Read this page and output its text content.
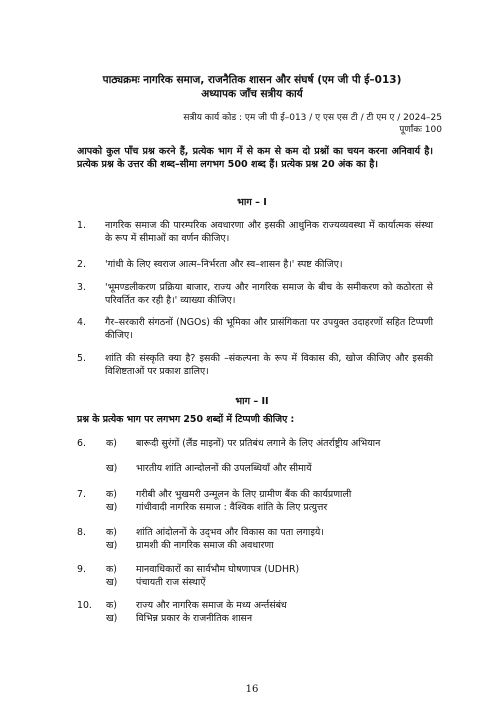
पाठ्यक्रमः नागरिक समाज, राजनैतिक शासन और संघर्ष (एम जी पी ई–013)
अध्यापक जाँच सत्रीय कार्य
सत्रीय कार्य कोड : एम जी पी ई–013 / ए एस एस टी / टी एम ए / 2024–25
पूर्णांकः 100
आपको कुल पाँच प्रश्न करने हैं, प्रत्येक भाग में से कम से कम दो प्रश्नों का चयन करना अनिवार्य है। प्रत्येक प्रश्न के उत्तर की शब्द–सीमा लगभग 500 शब्द हैं। प्रत्येक प्रश्न 20 अंक का है।
भाग – I
1. नागरिक समाज की पारम्परिक अवधारणा और इसकी आधुनिक राज्यव्यवस्था में कार्यात्मक संस्था के रूप में सीमाओं का वर्णन कीजिए।
2. 'गांधी के लिए स्वराज आत्म–निर्भरता और स्व–शासन है।' स्पष्ट कीजिए।
3. 'भूमण्डलीकरण प्रक्रिया बाजार, राज्य और नागरिक समाज के बीच के समीकरण को कठोरता से परिवर्तित कर रही है।' व्याख्या कीजिए।
4. गैर–सरकारी संगठनों (NGOs) की भूमिका और प्रासंगिकता पर उपयुक्त उदाहरणों सहित टिप्पणी कीजिए।
5. शांति की संस्कृति क्या है? इसकी –संकल्पना के रूप में विकास की, खोज कीजिए और इसकी विशिष्टताओं पर प्रकाश डालिए।
भाग – II
प्रश्न के प्रत्येक भाग पर लगभग 250 शब्दों में टिप्पणी कीजिए :
6. क) बारूदी सुरंगों (लैंड माइनों) पर प्रतिबंध लगाने के लिए अंतर्राष्ट्रीय अभियान
ख) भारतीय शांति आन्दोलनों की उपलब्धियाँ और सीमायें
7. क) गरीबी और भुखमरी उन्मूलन के लिए ग्रामीण बैंक की कार्यप्रणाली
ख) गांधीवादी नागरिक समाज : वैश्विक शांति के लिए प्रत्युत्तर
8. क) शांति आंदोलनों के उद्‌भव और विकास का पता लगाइये।
ख) ग्रामशी की नागरिक समाज की अवधारणा
9. क) मानवाधिकारों का सार्वभौम घोषणापत्र (UDHR)
ख) पंचायती राज संस्थाऐं
10. क) राज्य और नागरिक समाज के मध्य अर्न्तसंबंध
ख) विभिन्न प्रकार के राजनीतिक शासन
16
